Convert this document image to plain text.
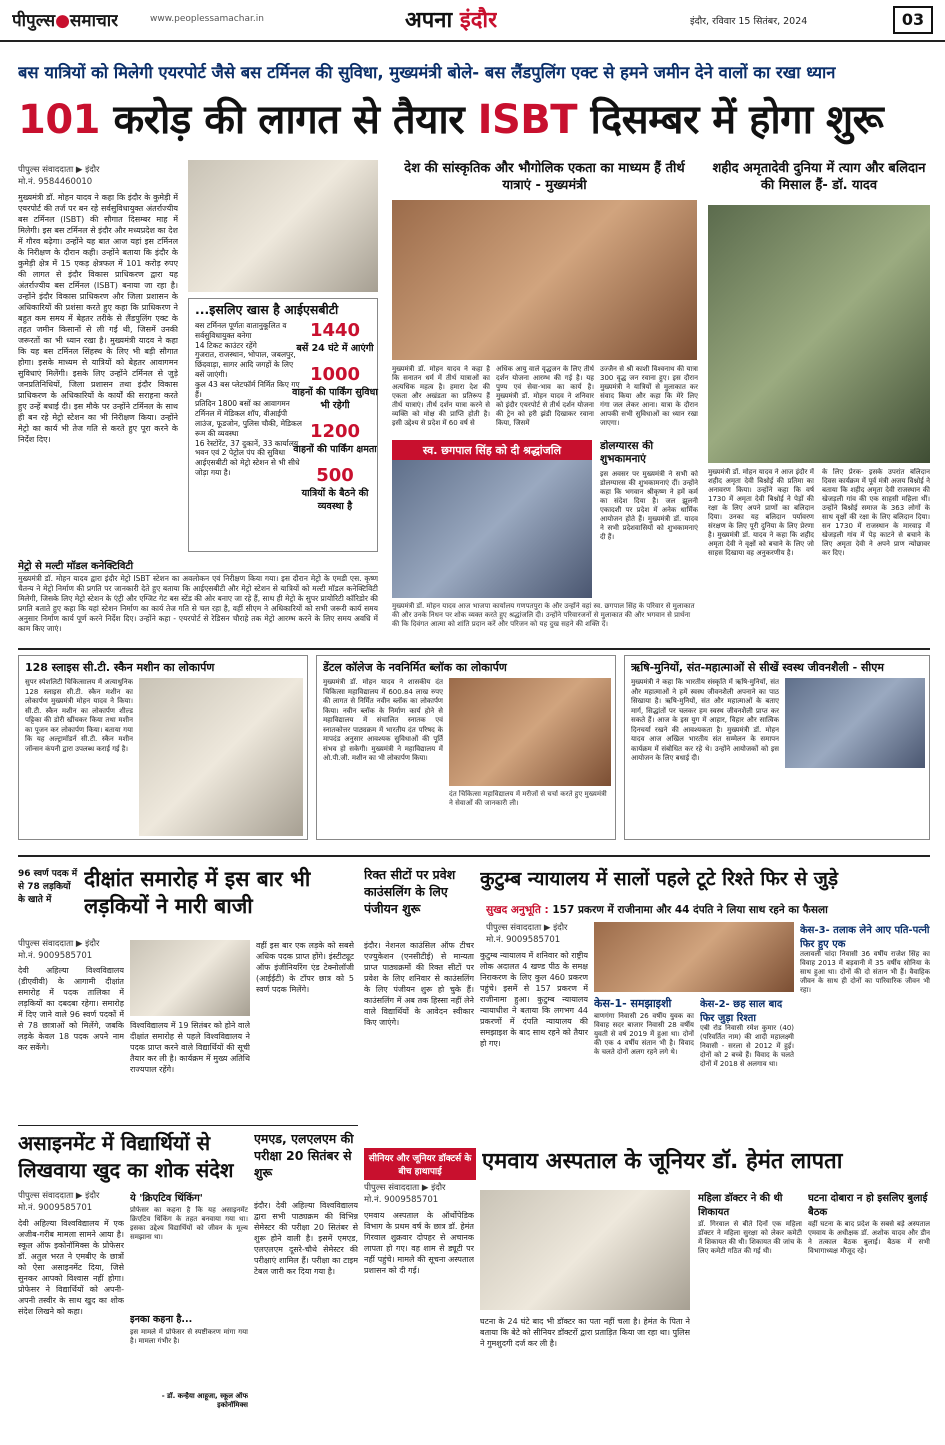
पीपुल्स●समाचार	www.peoplessamachar.in	अपना इंदौर	इंदौर, रविवार 15 सितंबर, 2024	03
बस यात्रियों को मिलेगी एयरपोर्ट जैसे बस टर्मिनल की सुविधा, मुख्यमंत्री बोले- बस लैंडपुलिंग एक्ट से हमने जमीन देने वालों का रखा ध्यान
101 करोड़ की लागत से तैयार ISBT दिसम्बर में होगा शुरू
पीपुल्स संवाददाता ▶ इंदौर
मो.नं. 9584460010
मुख्यमंत्री डॉ. मोहन यादव ने कहा कि इंदौर के कुमेड़ी में एयरपोर्ट की तर्ज पर बन रहे सर्वसुविधायुक्त अंतर्राज्यीय बस टर्मिनल (ISBT) की सौगात दिसम्बर माह में मिलेगी। इस बस टर्मिनल से इंदौर और मध्यप्रदेश का देश में गौरव बढ़ेगा। उन्होंने यह बात आज यहां इस टर्मिनल के निरीक्षण के दौरान कही। उन्होंने बताया कि इंदौर के कुमेड़ी क्षेत्र में 15 एकड़ क्षेत्रफल में 101 करोड़ रुपए की लागत से इंदौर विकास प्राधिकरण द्वारा यह अंतर्राज्यीय बस टर्मिनल (ISBT) बनाया जा रहा है। उन्होंने इंदौर विकास प्राधिकरण और जिला प्रशासन के अधिकारियों की प्रशंसा करते हुए कहा कि प्राधिकरण ने बहुत कम समय में बेहतर तरीके से लैंडपुलिंग एक्ट के तहत जमीन किसानों से ली गई थी, जिसमें उनकी जरूरतों का भी ध्यान रखा है। मुख्यमंत्री यादव ने कहा कि यह बस टर्मिनल सिंहस्थ के लिए भी बड़ी सौगात होगा। इसके माध्यम से यात्रियों को बेहतर आवागमन सुविधाएं मिलेंगी। इसके लिए उन्होंने टर्मिनल से जुड़े जनप्रतिनिधियों, जिला प्रशासन तथा इंदौर विकास प्राधिकरण के अधिकारियों के कार्यों की सराहना करते हुए उन्हें बधाई दी। इस मौके पर उन्होंने टर्मिनल के साथ ही बन रहे मेट्रो स्टेशन का भी निरीक्षण किया। उन्होंने मेट्रो का कार्य भी तेज गति से करते हुए पूरा करने के निर्देश दिए।
...इसलिए खास है आईएसबीटी
बस टर्मिनल पूर्णतः वातानुकूलित व सर्वसुविधायुक्त बनेगा
14 टिकट काउंटर रहेंगे
गुजरात, राजस्थान, भोपाल, जबलपुर, छिंदवाड़ा, सागर आदि जगहों के लिए बसें जाएंगी।
कुल 43 बस प्लेटफॉर्म निर्मित किए गए हैं।
प्रतिदिन 1800 बसों का आवागमन
टर्मिनल में मेडिकल शॉप, वीआईपी लाउंज, फूडजोन, पुलिस चौकी, मेडिकल रूम की व्यवस्था
16 रेस्टोरेंट, 37 दुकानें, 33 कार्यालय भवन एवं 2 पेट्रोल पंप की सुविधा
आईएसबीटी को मेट्रो स्टेशन से भी सीधे जोड़ा गया है।
1440
बसें 24 घंटे में आएंगी
1000
वाहनों की पार्किंग सुविधा भी रहेगी
1200
वाहनों की पार्किंग क्षमता
500
यात्रियों के बैठने की व्यवस्था है
मेट्रो से मल्टी मॉडल कनेक्टिविटी
मुख्यमंत्री डॉ. मोहन यादव द्वारा इंदौर मेट्रो ISBT स्टेशन का अवलोकन एवं निरीक्षण किया गया। इस दौरान मेट्रो के एमडी एस. कृष्ण चैतन्य ने मेट्रो निर्माण की प्रगति पर जानकारी देते हुए बताया कि आईएसबीटी और मेट्रो स्टेशन से यात्रियों को मल्टी मॉडल कनेक्टिविटी मिलेगी, जिसके लिए मेट्रो स्टेशन के एंट्री और एग्जिट गेट बस स्टेंड की ओर बनाए जा रहे हैं, साथ ही मेट्रो के सुपर प्रायोरिटी कॉरिडोर की प्रगति बताते हुए कहा कि यहां स्टेशन निर्माण का कार्य तेज गति से चल रहा है, वहीं सीएम ने अधिकारियों को सभी जरूरी कार्य समय अनुसार निर्माण कार्य पूर्ण करने निर्देश दिए। उन्होंने कहा - एयरपोर्ट से रेडिसन चौराहे तक मेट्रो आरम्भ करने के लिए समय अवधि में काम किए जाएं।
देश की सांस्कृतिक और भौगोलिक एकता का माध्यम हैं तीर्थ यात्राएं - मुख्यमंत्री
मुख्यमंत्री डॉ. मोहन यादव ने कहा है कि सनातन धर्म में तीर्थ यात्राओं का अत्यधिक महत्व है। हमारा देश की एकता और अखंडता का प्रतिरूप हैं तीर्थ यात्राएं। तीर्थ दर्शन यात्रा करने से व्यक्ति को मोक्ष की प्राप्ति होती है। इसी उद्देश्य से प्रदेश में 60 वर्ष से
अधिक आयु वाले वृद्धजन के लिए तीर्थ दर्शन योजना आरम्भ की गई है। यह पुण्य एवं सेवा-भाव का कार्य है। मुख्यमंत्री डॉ. मोहन यादव ने शनिवार को इंदौर एयरपोर्ट से तीर्थ दर्शन योजना की ट्रेन को हरी झंडी दिखाकर रवाना किया, जिसमें
उज्जैन से श्री काशी विश्वनाथ की यात्रा 300 वृद्ध जन रवाना हुए। इस दौरान मुख्यमंत्री ने यात्रियों से मुलाकात कर संवाद किया और कहा कि मेरे लिए गंगा जल लेकर आना। यात्रा के दौरान आपकी सभी सुविधाओं का ध्यान रखा जाएगा।
स्व. छगपाल सिंह को दी श्रद्धांजलि
मुख्यमंत्री डॉ. मोहन यादव आज भाजपा कार्यालय गणपतपुरा के और उन्होंने वहां स्व. छगपाल सिंह के परिवार से मुलाकात की और उनके निधन पर शोक व्यक्त करते हुए श्रद्धांजलि दी। उन्होंने परिवारजनों से मुलाकात की और भगवान से प्रार्थना की कि दिवंगत आत्मा को शांति प्रदान करें और परिजन को यह दुख सहने की शक्ति दें।
डोलग्यारस की शुभकामनाएं
इस अवसर पर मुख्यमंत्री ने सभी को डोलग्यारस की शुभकामनाएं दीं। उन्होंने कहा कि भगवान श्रीकृष्ण ने हमें कर्म का संदेश दिया है। जल झूलनी एकादशी पर प्रदेश में अनेक धार्मिक आयोजन होते हैं। मुख्यमंत्री डॉ. यादव ने सभी प्रदेशवासियों को शुभकामनाएं दी हैं।
शहीद अमृतादेवी दुनिया में त्याग और बलिदान की मिसाल हैं- डॉ. यादव
मुख्यमंत्री डॉ. मोहन यादव ने आज इंदौर में शहीद अमृता देवी बिश्नोई की प्रतिमा का अनावरण किया। उन्होंने कहा कि वर्ष 1730 में अमृता देवी बिश्नोई ने पेड़ों की रक्षा के लिए अपने प्राणों का बलिदान दिया। उनका यह बलिदान पर्यावरण संरक्षण के लिए पूरी दुनिया के लिए प्रेरणा है। मुख्यमंत्री डॉ. यादव ने कहा कि शहीद अमृता देवी ने वृक्षों को बचाने के लिए जो साहस दिखाया वह अनुकरणीय है।
के लिए प्रेरक- इसके उपरांत बलिदान दिवस कार्यक्रम में पूर्व मंत्री अजय विश्नोई ने बताया कि शहीद अमृता देवी राजस्थान की खेजड़ली गांव की एक साहसी महिला थीं। उन्होंने बिश्नोई समाज के 363 लोगों के साथ वृक्षों की रक्षा के लिए बलिदान दिया। सन 1730 में राजस्थान के मारवाड़ में खेजड़ली गांव में पेड़ काटने से बचाने के लिए अमृता देवी ने अपने प्राण न्योछावर कर दिए।
128 स्लाइस सी.टी. स्कैन मशीन का लोकार्पण
सुपर स्पेशलिटी चिकित्सालय में अत्याधुनिक 128 स्लाइस सी.टी. स्कैन मशीन का लोकार्पण मुख्यमंत्री मोहन यादव ने किया। सी.टी. स्कैन मशीन का लोकार्पण शील्ड पट्टिका की डोरी खींचकर किया तथा मशीन का पूजन कर लोकार्पण किया। बताया गया कि यह अल्ट्रामॉडर्न सी.टी. स्कैन मशीन जॉन्सन कंपनी द्वारा उपलब्ध कराई गई है।
डेंटल कॉलेज के नवनिर्मित ब्लॉक का लोकार्पण
मुख्यमंत्री डॉ. मोहन यादव ने शासकीय दंत चिकित्सा महाविद्यालय में 600.84 लाख रुपए की लागत से निर्मित नवीन ब्लॉक का लोकार्पण किया। नवीन ब्लॉक के निर्माण कार्य होने से महाविद्यालय में संचालित स्नातक एवं स्नातकोत्तर पाठ्यक्रम में भारतीय दंत परिषद के मापदंड अनुसार आवश्यक सुविधाओं की पूर्ति संभव हो सकेगी। मुख्यमंत्री ने महाविद्यालय में ओ.पी.जी. मशीन का भी लोकार्पण किया।
दंत चिकित्सा महाविद्यालय में मरीजों से चर्चा करते हुए मुख्यमंत्री ने सेवाओं की जानकारी ली।
ऋषि-मुनियों, संत-महात्माओं से सीखें स्वस्थ जीवनशैली - सीएम
मुख्यमंत्री ने कहा कि भारतीय संस्कृति में ऋषि-मुनियों, संत और महात्माओं ने हमें स्वस्थ जीवनशैली अपनाने का पाठ सिखाया है। ऋषि-मुनियों, संत और महात्माओं के बताए मार्ग, सिद्धांतों पर चलकर हम स्वस्थ जीवनशैली प्राप्त कर सकते हैं। आज के इस युग में आहार, विहार और सात्विक दिनचर्या रखने की आवश्यकता है। मुख्यमंत्री डॉ. मोहन यादव आज अखिल भारतीय संत सम्मेलन के समापन कार्यक्रम में संबोधित कर रहे थे। उन्होंने आयोजकों को इस आयोजन के लिए बधाई दी।
96 स्वर्ण पदक में से 78 लड़कियों के खाते में
दीक्षांत समारोह में इस बार भी लड़कियों ने मारी बाजी
पीपुल्स संवाददाता ▶ इंदौर
मो.नं. 9009585701
देवी अहिल्या विश्वविद्यालय (डीएवीवी) के आगामी दीक्षांत समारोह में पदक तालिका में लड़कियों का दबदबा रहेगा। समारोह में दिए जाने वाले 96 स्वर्ण पदकों में से 78 छात्राओं को मिलेंगे, जबकि लड़के केवल 18 पदक अपने नाम कर सकेंगे।
विश्वविद्यालय में 19 सितंबर को होने वाले दीक्षांत समारोह से पहले विश्वविद्यालय ने पदक प्राप्त करने वाले विद्यार्थियों की सूची तैयार कर ली है। कार्यक्रम में मुख्य अतिथि राज्यपाल रहेंगे।
वहीं इस बार एक लड़के को सबसे अधिक पदक प्राप्त होंगे। इंस्टीट्यूट ऑफ इंजीनियरिंग एंड टेक्नोलॉजी (आईईटी) के टॉपर छात्र को 5 स्वर्ण पदक मिलेंगे।
रिक्त सीटों पर प्रवेश काउंसलिंग के लिए पंजीयन शुरू
इंदौर। नेशनल काउंसिल ऑफ टीचर एज्युकेशन (एनसीटीई) से मान्यता प्राप्त पाठ्यक्रमों की रिक्त सीटों पर प्रवेश के लिए शनिवार से काउंसलिंग के लिए पंजीयन शुरू हो चुके हैं। काउंसलिंग में अब तक हिस्सा नहीं लेने वाले विद्यार्थियों के आवेदन स्वीकार किए जाएंगे।
कुटुम्ब न्यायालय में सालों पहले टूटे रिश्ते फिर से जुड़े
सुखद अनुभूति : 157 प्रकरण में राजीनामा और 44 दंपति ने लिया साथ रहने का फैसला
पीपुल्स संवाददाता ▶ इंदौर
मो.नं. 9009585701
कुटुम्ब न्यायालय में शनिवार को राष्ट्रीय लोक अदालत 4 खण्ड पीठ के समक्ष निराकरण के लिए कुल 460 प्रकरण पहुंचे। इसमें से 157 प्रकरण में राजीनामा हुआ। कुटुम्ब न्यायालय न्यायाधीश ने बताया कि लगभग 44 प्रकरणों में दंपति न्यायालय की समझाइश के बाद साथ रहने को तैयार हो गए।
केस-1- समझाइशी
बाणगंगा निवासी 26 वर्षीय युवक का विवाह सदर बाजार निवासी 28 वर्षीय युवती से वर्ष 2019 में हुआ था। दोनों की एक 4 वर्षीय संतान भी है। विवाद के चलते दोनों अलग रहने लगे थे।
केस-2- छह साल बाद फिर जुड़ा रिश्ता
एबी रोड निवासी रमेश कुमार (40) (परिवर्तित नाम) की शादी महालक्ष्मी निवासी - सरला से 2012 में हुई। दोनों को 2 बच्चे हैं। विवाद के चलते दोनों में 2018 से अलगाव था।
केस-3- तलाक लेने आए पति-पत्नी फिर हुए एक
तलावली चांदा निवासी 36 वर्षीय राजेश सिंह का विवाह 2013 में बड़वानी में 35 वर्षीय सोनिया के साथ हुआ था। दोनों की दो संतान भी हैं। वैवाहिक जीवन के साथ ही दोनों का पारिवारिक जीवन भी रहा।
असाइनमेंट में विद्यार्थियों से लिखवाया खुद का शोक संदेश
पीपुल्स संवाददाता ▶ इंदौर
मो.नं. 9009585701
देवी अहिल्या विश्वविद्यालय में एक अजीब-गरीब मामला सामने आया है। स्कूल ऑफ इकोनॉमिक्स के प्रोफेसर डॉ. अतुल भरत ने एमबीए के छात्रों को ऐसा असाइनमेंट दिया, जिसे सुनकर आपको विश्वास नहीं होगा। प्रोफेसर ने विद्यार्थियों को अपनी-अपनी तस्वीर के साथ खुद का शोक संदेश लिखने को कहा।
ये 'क्रिएटिव थिंकिंग'
प्रोफेसर का कहना है कि यह असाइनमेंट क्रिएटिव थिंकिंग के तहत बनवाया गया था। इसका उद्देश्य विद्यार्थियों को जीवन के मूल्य समझाना था।
इनका कहना है...
इस मामले में प्रोफेसर से स्पष्टीकरण मांगा गया है। मामला गंभीर है।
- डॉ. कन्हैया आहूजा, स्कूल ऑफ इकोनॉमिक्स
एमएड, एलएलएम की परीक्षा 20 सितंबर से शुरू
इंदौर। देवी अहिल्या विश्वविद्यालय द्वारा सभी पाठ्यक्रम की विभिन्न सेमेस्टर की परीक्षा 20 सितंबर से शुरू होने वाली है। इसमें एमएड, एलएलएम दूसरे-चौथे सेमेस्टर की परीक्षाएं शामिल हैं। परीक्षा का टाइम टेबल जारी कर दिया गया है।
सीनियर और जूनियर डॉक्टर्स के बीच हाथापाई	एमवाय अस्पताल के जूनियर डॉ. हेमंत लापता
पीपुल्स संवाददाता ▶ इंदौर
मो.नं. 9009585701
एमवाय अस्पताल के ऑर्थोपेडिक विभाग के प्रथम वर्ष के छात्र डॉ. हेमंत गिरवाल शुक्रवार दोपहर से अचानक लापता हो गए। वह शाम से ड्यूटी पर नहीं पहुंचे। मामले की सूचना अस्पताल प्रशासन को दी गई।
घटना के 24 घंटे बाद भी डॉक्टर का पता नहीं चला है। हेमंत के पिता ने बताया कि बेटे को सीनियर डॉक्टरों द्वारा प्रताड़ित किया जा रहा था। पुलिस ने गुमशुदगी दर्ज कर ली है।
महिला डॉक्टर ने की थी शिकायत
डॉ. गिरवाल से बीते दिनों एक महिला डॉक्टर ने महिला सुरक्षा को लेकर कमेटी में शिकायत की थी। शिकायत की जांच के लिए कमेटी गठित की गई थी।
घटना दोबारा न हो इसलिए बुलाई बैठक
वहीं घटना के बाद प्रदेश के सबसे बड़े अस्पताल एमवाय के अधीक्षक डॉ. अशोक यादव और डीन ने तत्काल बैठक बुलाई। बैठक में सभी विभागाध्यक्ष मौजूद रहे।
